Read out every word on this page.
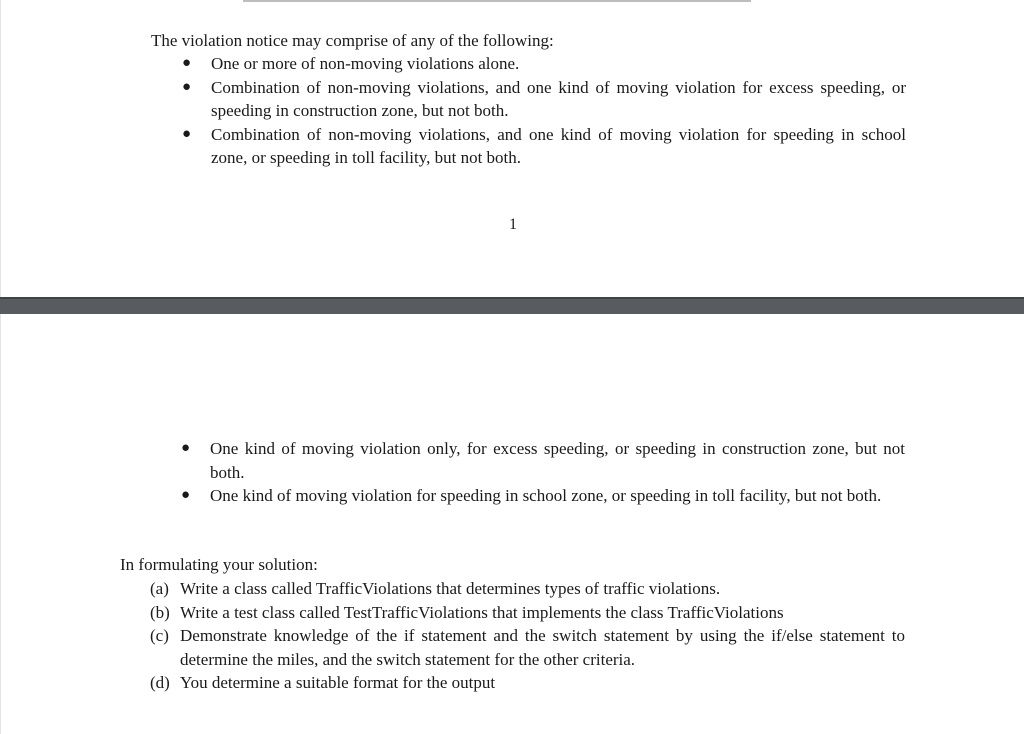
The violation notice may comprise of any of the following:

● One or more of non-moving violations alone.
● Combination of non-moving violations, and one kind of moving violation for excess speeding, or speeding in construction zone, but not both.
● Combination of non-moving violations, and one kind of moving violation for speeding in school zone, or speeding in toll facility, but not both.

1

● One kind of moving violation only, for excess speeding, or speeding in construction zone, but not both.
● One kind of moving violation for speeding in school zone, or speeding in toll facility, but not both.

In formulating your solution:

(a) Write a class called TrafficViolations that determines types of traffic violations.
(b) Write a test class called TestTrafficViolations that implements the class TrafficViolations
(c) Demonstrate knowledge of the if statement and the switch statement by using the if/else statement to determine the miles, and the switch statement for the other criteria.
(d) You determine a suitable format for the output
